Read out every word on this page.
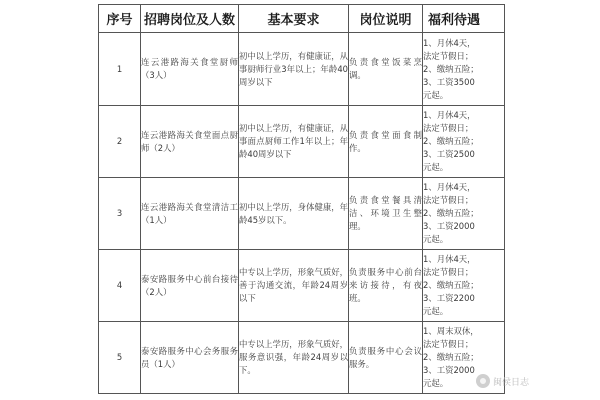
序号	招聘岗位及人数	基本要求	岗位说明	福利待遇
1	连云港路海关食堂厨师（3人）	初中以上学历，有健康证，从事厨师行业3年以上；年龄40周岁以下	负责食堂饭菜烹调。	1、月休4天，
法定节假日；
2、缴纳五险；
3、工资3500
元起。

2	连云港路海关食堂面点厨师（2人）	初中以上学历，有健康证，从事面点厨师工作1年以上；年龄40周岁以下	负责食堂面食制作。	1、月休4天，
法定节假日；
2、缴纳五险；
3、工资2500
元起。

3	连云港路海关食堂清洁工（1人）	初中以上学历，身体健康，年龄45岁以下。	负责食堂餐具清洁、环境卫生整理。	1、月休4天，
法定节假日；
2、缴纳五险；
3、工资2000
元起。

4	泰安路服务中心前台接待（2人）	中专以上学历，形象气质好，善于沟通交流，年龄24周岁以下	负责服务中心前台来访接待，有夜班。	1、月休4天，
法定节假日；
2、缴纳五险；
3、工资2200
元起。

5	泰安路服务中心会务服务员（1人）	中专以上学历，形象气质好，服务意识强，年龄24周岁以下。	负责服务中心会议服务。	1、周末双休，
法定节假日；
2、缴纳五险；
3、工资2000
元起。	闽侯日志
